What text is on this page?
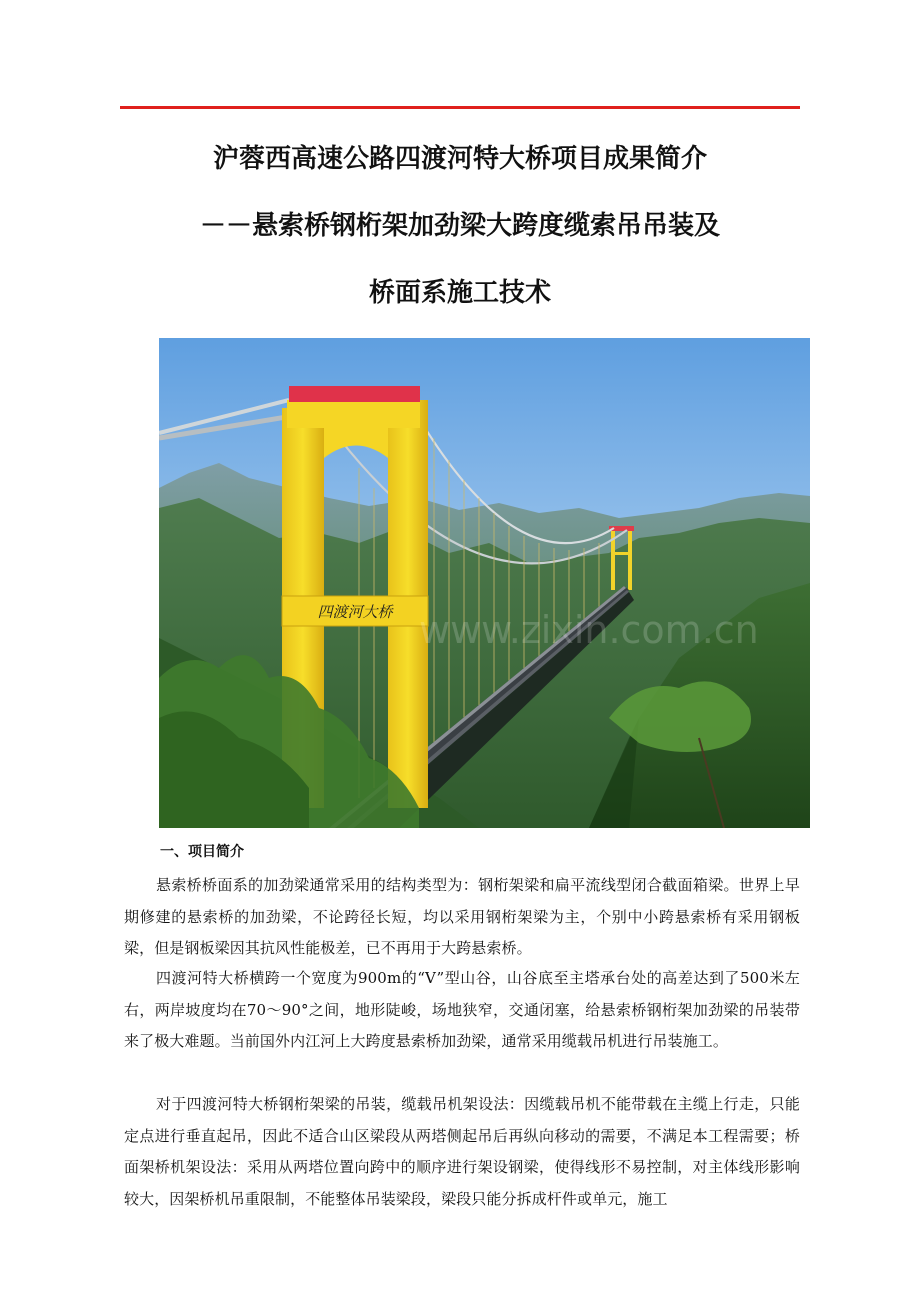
沪蓉西高速公路四渡河特大桥项目成果简介
－－悬索桥钢桁架加劲梁大跨度缆索吊吊装及
桥面系施工技术
四渡河大桥 www.zixin.com.cn
一、项目简介

悬索桥桥面系的加劲梁通常采用的结构类型为：钢桁架梁和扁平流线型闭合截面箱梁。世界上早期修建的悬索桥的加劲梁，不论跨径长短，均以采用钢桁架梁为主，个别中小跨悬索桥有采用钢板梁，但是钢板梁因其抗风性能极差，已不再用于大跨悬索桥。

四渡河特大桥横跨一个宽度为900m的“V”型山谷，山谷底至主塔承台处的高差达到了500米左右，两岸坡度均在70～90°之间，地形陡峻，场地狭窄，交通闭塞，给悬索桥钢桁架加劲梁的吊装带来了极大难题。当前国外内江河上大跨度悬索桥加劲梁，通常采用缆载吊机进行吊装施工。

对于四渡河特大桥钢桁架梁的吊装，缆载吊机架设法：因缆载吊机不能带载在主缆上行走，只能定点进行垂直起吊，因此不适合山区梁段从两塔侧起吊后再纵向移动的需要，不满足本工程需要；桥面架桥机架设法：采用从两塔位置向跨中的顺序进行架设钢梁，使得线形不易控制，对主体线形影响较大，因架桥机吊重限制，不能整体吊装梁段，梁段只能分拆成杆件或单元，施工
